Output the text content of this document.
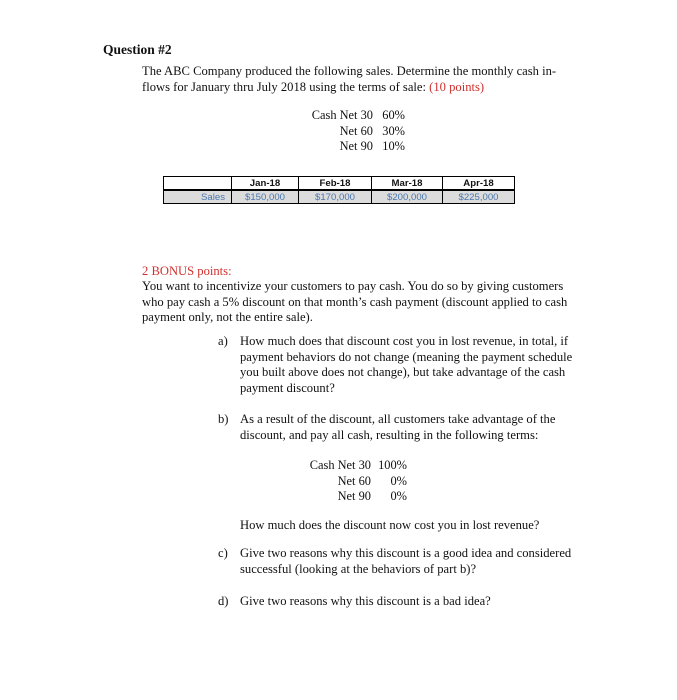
Question #2
The ABC Company produced the following sales. Determine the monthly cash in-flows for January thru July 2018 using the terms of sale: (10 points)
Cash Net 30 60%
Net 60 30%
Net 90 10%
	Jan-18	Feb-18	Mar-18	Apr-18
Sales	$150,000	$170,000	$200,000	$225,000
2 BONUS points:
You want to incentivize your customers to pay cash. You do so by giving customers who pay cash a 5% discount on that month’s cash payment (discount applied to cash payment only, not the entire sale).
a) How much does that discount cost you in lost revenue, in total, if payment behaviors do not change (meaning the payment schedule you built above does not change), but take advantage of the cash payment discount?
b) As a result of the discount, all customers take advantage of the discount, and pay all cash, resulting in the following terms:
Cash Net 30 100%
Net 60	0%
Net 90	0%
How much does the discount now cost you in lost revenue?
c) Give two reasons why this discount is a good idea and considered successful (looking at the behaviors of part b)?
d) Give two reasons why this discount is a bad idea?
